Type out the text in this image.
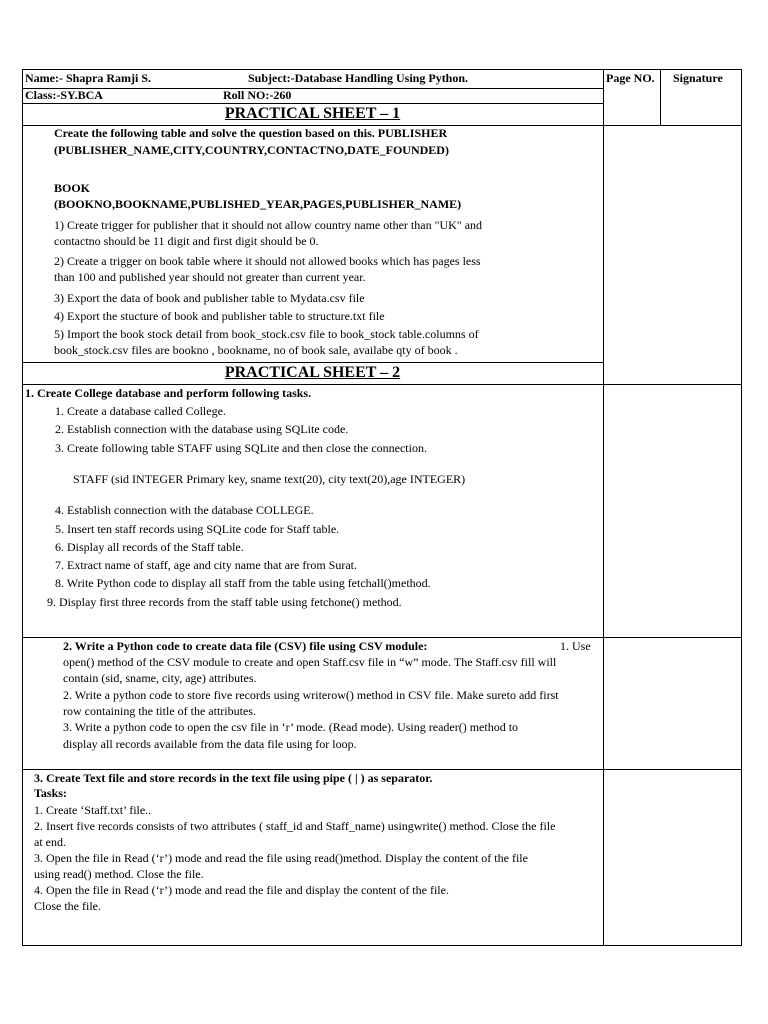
Name:- Shapra Ramji S.	Subject:-Database Handling Using Python.
Class:-SY.BCA	Roll NO:-260
Page NO. Signature
PRACTICAL SHEET – 1
Create the following table and solve the question based on this. PUBLISHER
(PUBLISHER_NAME,CITY,COUNTRY,CONTACTNO,DATE_FOUNDED)
BOOK
(BOOKNO,BOOKNAME,PUBLISHED_YEAR,PAGES,PUBLISHER_NAME)
1) Create trigger for publisher that it should not allow country name other than "UK" and
contactno should be 11 digit and first digit should be 0.
2) Create a trigger on book table where it should not allowed books which has pages less
than 100 and published year should not greater than current year.
3) Export the data of book and publisher table to Mydata.csv file
4) Export the stucture of book and publisher table to structure.txt file
5) Import the book stock detail from book_stock.csv file to book_stock table.columns of
book_stock.csv files are bookno , bookname, no of book sale, availabe qty of book .
PRACTICAL SHEET – 2
1. Create College database and perform following tasks.
1. Create a database called College.
2. Establish connection with the database using SQLite code.
3. Create following table STAFF using SQLite and then close the connection.
STAFF (sid INTEGER Primary key, sname text(20), city text(20),age INTEGER)
4. Establish connection with the database COLLEGE.
5. Insert ten staff records using SQLite code for Staff table.
6. Display all records of the Staff table.
7. Extract name of staff, age and city name that are from Surat.
8. Write Python code to display all staff from the table using fetchall()method.
9. Display first three records from the staff table using fetchone() method.
2. Write a Python code to create data file (CSV) file using CSV module:	1. Use
open() method of the CSV module to create and open Staff.csv file in “w” mode. The Staff.csv fill will
contain (sid, sname, city, age) attributes.
2. Write a python code to store five records using writerow() method in CSV file. Make sureto add first
row containing the title of the attributes.
3. Write a python code to open the csv file in ‘r’ mode. (Read mode). Using reader() method to
display all records available from the data file using for loop.
3. Create Text file and store records in the text file using pipe ( | ) as separator.
Tasks:
1. Create ‘Staff.txt’ file..
2. Insert five records consists of two attributes ( staff_id and Staff_name) usingwrite() method. Close the file
at end.
3. Open the file in Read (‘r’) mode and read the file using read()method. Display the content of the file
using read() method. Close the file.
4. Open the file in Read (‘r’) mode and read the file and display the content of the file.
Close the file.
